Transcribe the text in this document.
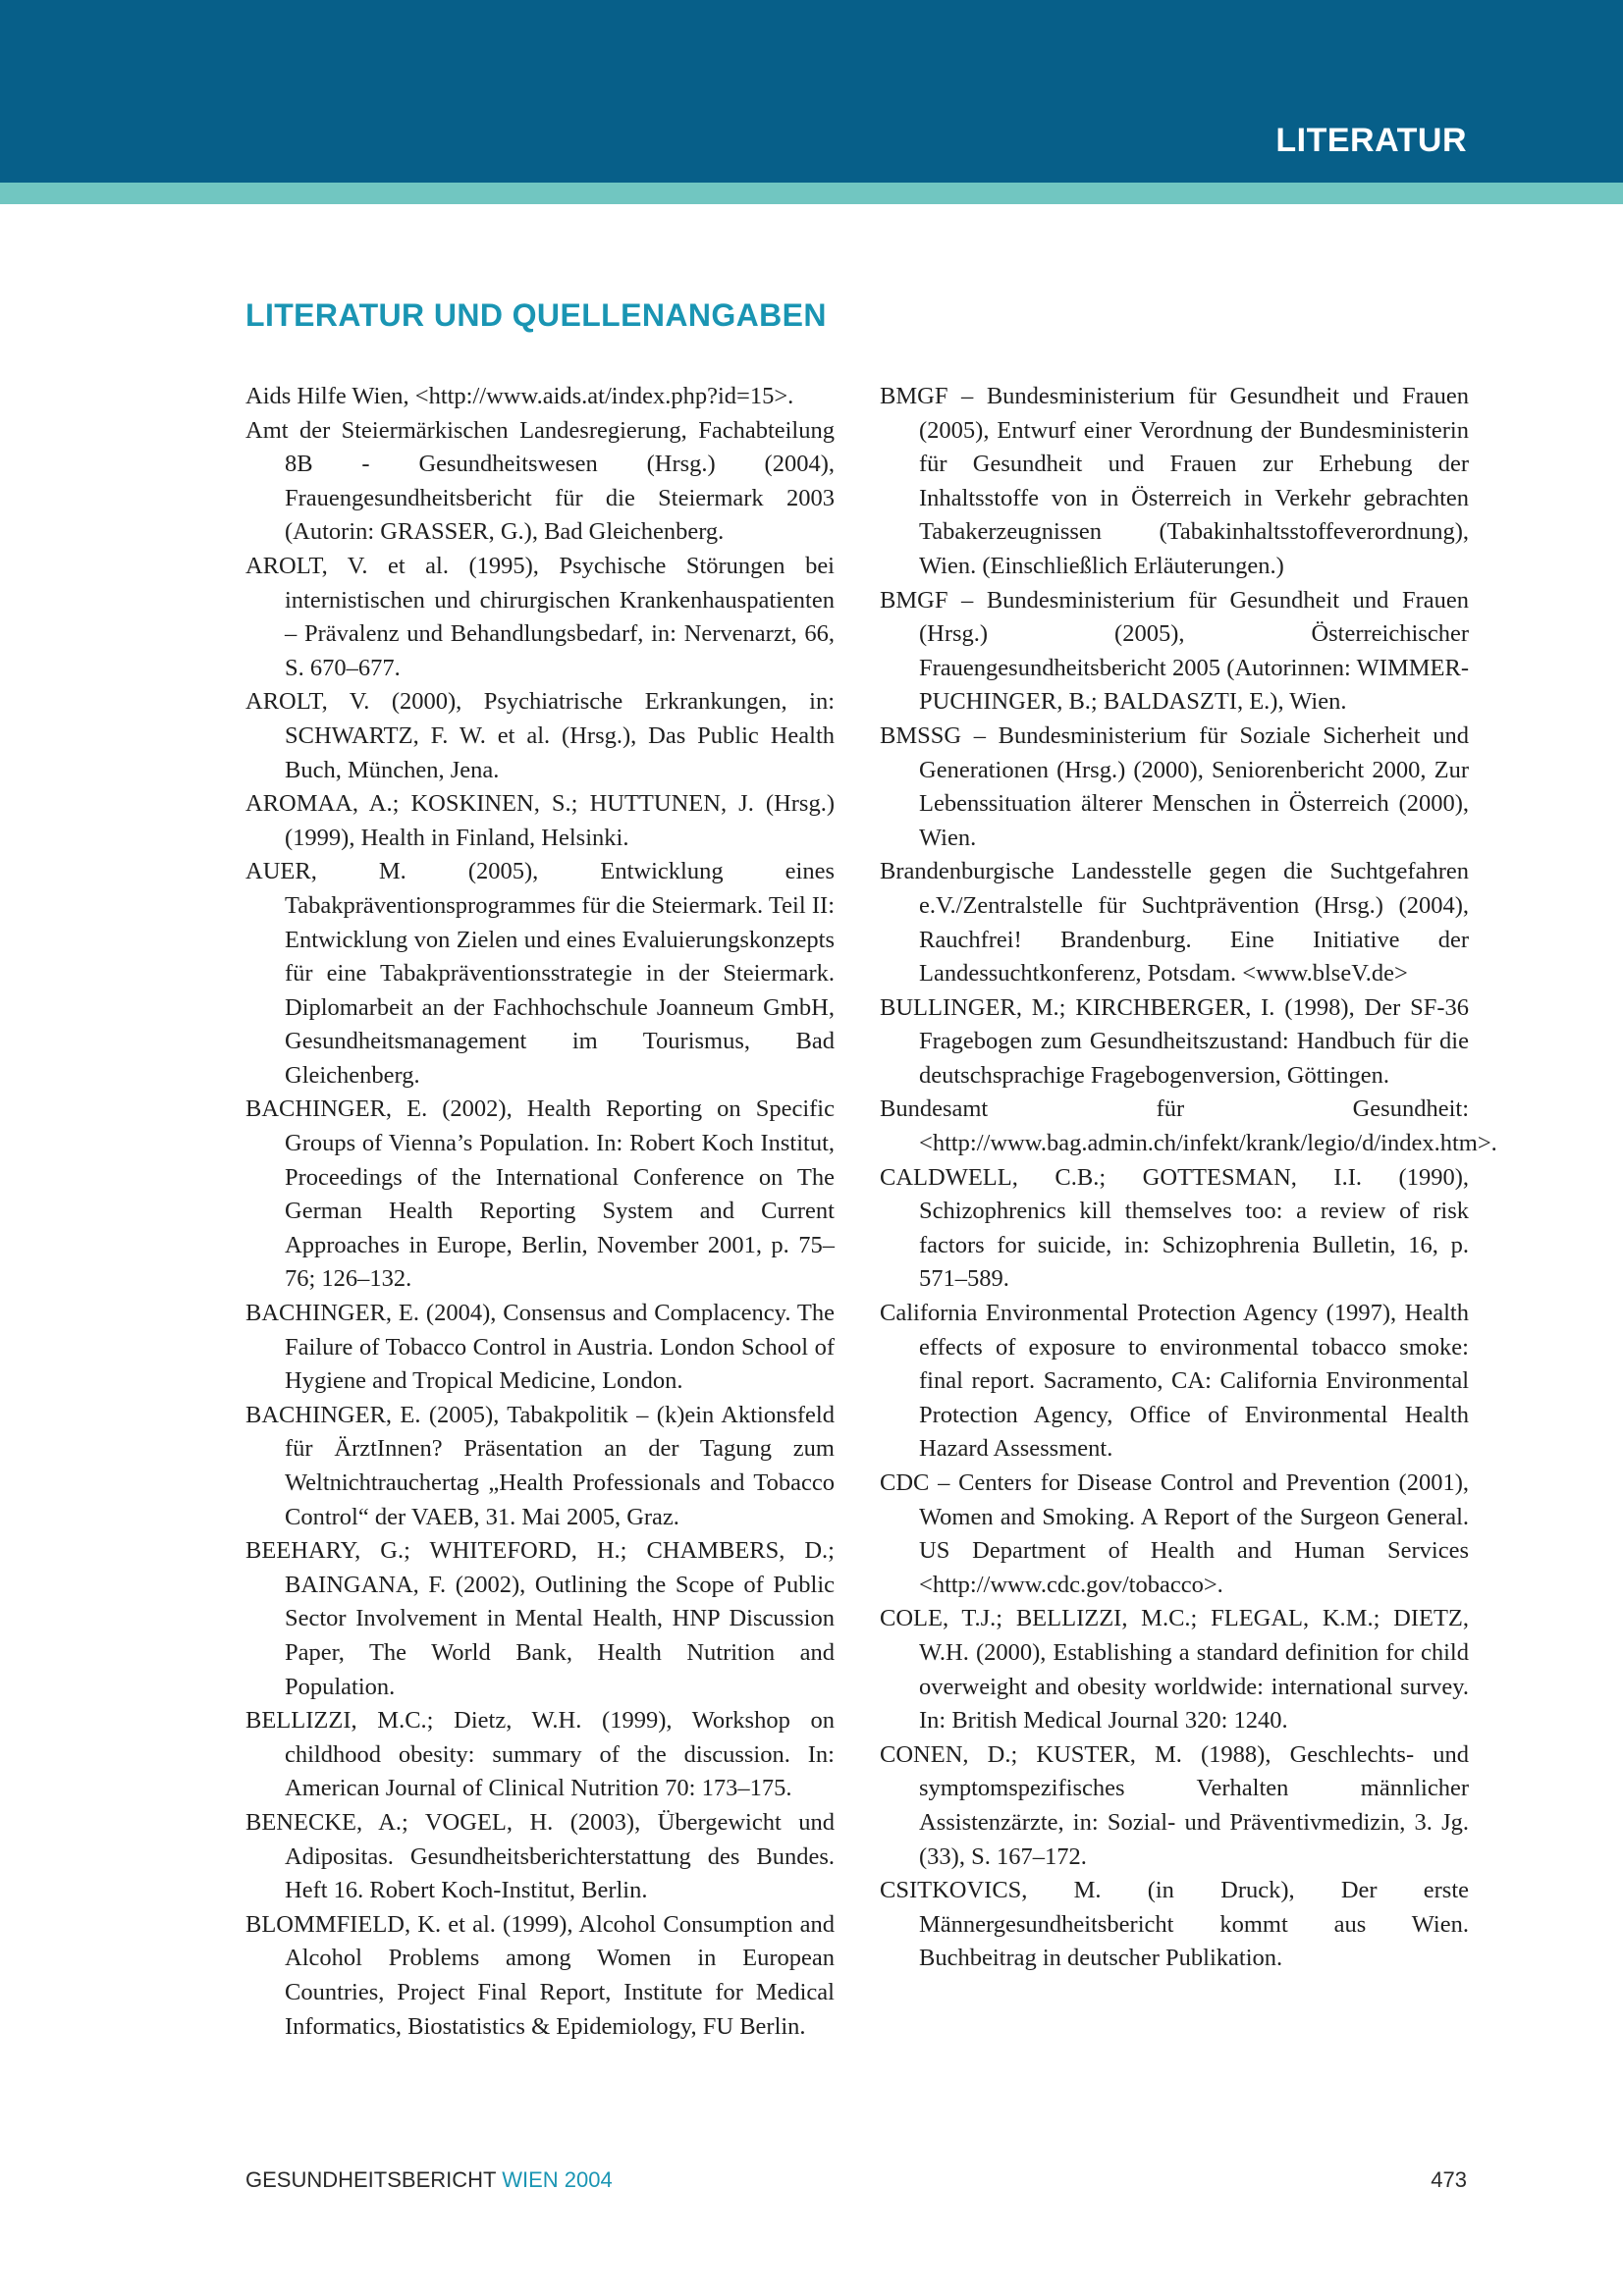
LITERATUR
LITERATUR UND QUELLENANGABEN

Aids Hilfe Wien, <http://www.aids.at/index.php?id=15>.

Amt der Steiermärkischen Landesregierung, Fachabteilung 8B - Gesundheitswesen (Hrsg.) (2004), Frauengesundheitsbericht für die Steiermark 2003 (Autorin: GRASSER, G.), Bad Gleichenberg.

AROLT, V. et al. (1995), Psychische Störungen bei internistischen und chirurgischen Krankenhauspatienten – Prävalenz und Behandlungsbedarf, in: Nervenarzt, 66, S. 670–677.

AROLT, V. (2000), Psychiatrische Erkrankungen, in: SCHWARTZ, F. W. et al. (Hrsg.), Das Public Health Buch, München, Jena.

AROMAA, A.; KOSKINEN, S.; HUTTUNEN, J. (Hrsg.) (1999), Health in Finland, Helsinki.

AUER, M. (2005), Entwicklung eines Tabakpräventionsprogrammes für die Steiermark. Teil II: Entwicklung von Zielen und eines Evaluierungskonzepts für eine Tabakpräventionsstrategie in der Steiermark. Diplomarbeit an der Fachhochschule Joanneum GmbH, Gesundheitsmanagement im Tourismus, Bad Gleichenberg.

BACHINGER, E. (2002), Health Reporting on Specific Groups of Vienna’s Population. In: Robert Koch Institut, Proceedings of the International Conference on The German Health Reporting System and Current Approaches in Europe, Berlin, November 2001, p. 75–76; 126–132.

BACHINGER, E. (2004), Consensus and Complacency. The Failure of Tobacco Control in Austria. London School of Hygiene and Tropical Medicine, London.

BACHINGER, E. (2005), Tabakpolitik – (k)ein Aktionsfeld für ÄrztInnen? Präsentation an der Tagung zum Weltnichtrauchertag „Health Professionals and Tobacco Control“ der VAEB, 31. Mai 2005, Graz.

BEEHARY, G.; WHITEFORD, H.; CHAMBERS, D.; BAINGANA, F. (2002), Outlining the Scope of Public Sector Involvement in Mental Health, HNP Discussion Paper, The World Bank, Health Nutrition and Population.

BELLIZZI, M.C.; Dietz, W.H. (1999), Workshop on childhood obesity: summary of the discussion. In: American Journal of Clinical Nutrition 70: 173–175.

BENECKE, A.; VOGEL, H. (2003), Übergewicht und Adipositas. Gesundheitsberichterstattung des Bundes. Heft 16. Robert Koch-Institut, Berlin.

BLOMMFIELD, K. et al. (1999), Alcohol Consumption and Alcohol Problems among Women in European Countries, Project Final Report, Institute for Medical Informatics, Biostatistics & Epidemiology, FU Berlin.

BMGF – Bundesministerium für Gesundheit und Frauen (2005), Entwurf einer Verordnung der Bundesministerin für Gesundheit und Frauen zur Erhebung der Inhaltsstoffe von in Österreich in Verkehr gebrachten Tabakerzeugnissen (Tabakinhaltsstoffeverordnung), Wien. (Einschließlich Erläuterungen.)

BMGF – Bundesministerium für Gesundheit und Frauen (Hrsg.) (2005), Österreichischer Frauengesundheitsbericht 2005 (Autorinnen: WIMMER-PUCHINGER, B.; BALDASZTI, E.), Wien.

BMSSG – Bundesministerium für Soziale Sicherheit und Generationen (Hrsg.) (2000), Seniorenbericht 2000, Zur Lebenssituation älterer Menschen in Österreich (2000), Wien.

Brandenburgische Landesstelle gegen die Suchtgefahren e.V./Zentralstelle für Suchtprävention (Hrsg.) (2004), Rauchfrei! Brandenburg. Eine Initiative der Landessuchtkonferenz, Potsdam. <www.blseV.de>

BULLINGER, M.; KIRCHBERGER, I. (1998), Der SF-36 Fragebogen zum Gesundheitszustand: Handbuch für die deutschsprachige Fragebogenversion, Göttingen.

Bundesamt für Gesundheit: <http://www.bag.admin.ch/infekt/krank/legio/d/index.htm>.

CALDWELL, C.B.; GOTTESMAN, I.I. (1990), Schizophrenics kill themselves too: a review of risk factors for suicide, in: Schizophrenia Bulletin, 16, p. 571–589.

California Environmental Protection Agency (1997), Health effects of exposure to environmental tobacco smoke: final report. Sacramento, CA: California Environmental Protection Agency, Office of Environmental Health Hazard Assessment.

CDC – Centers for Disease Control and Prevention (2001), Women and Smoking. A Report of the Surgeon General. US Department of Health and Human Services <http://www.cdc.gov/tobacco>.

COLE, T.J.; BELLIZZI, M.C.; FLEGAL, K.M.; DIETZ, W.H. (2000), Establishing a standard definition for child overweight and obesity worldwide: international survey. In: British Medical Journal 320: 1240.

CONEN, D.; KUSTER, M. (1988), Geschlechts- und symptomspezifisches Verhalten männlicher Assistenzärzte, in: Sozial- und Präventivmedizin, 3. Jg. (33), S. 167–172.

CSITKOVICS, M. (in Druck), Der erste Männergesundheitsbericht kommt aus Wien. Buchbeitrag in deutscher Publikation.

GESUNDHEITSBERICHT WIEN 2004	473
